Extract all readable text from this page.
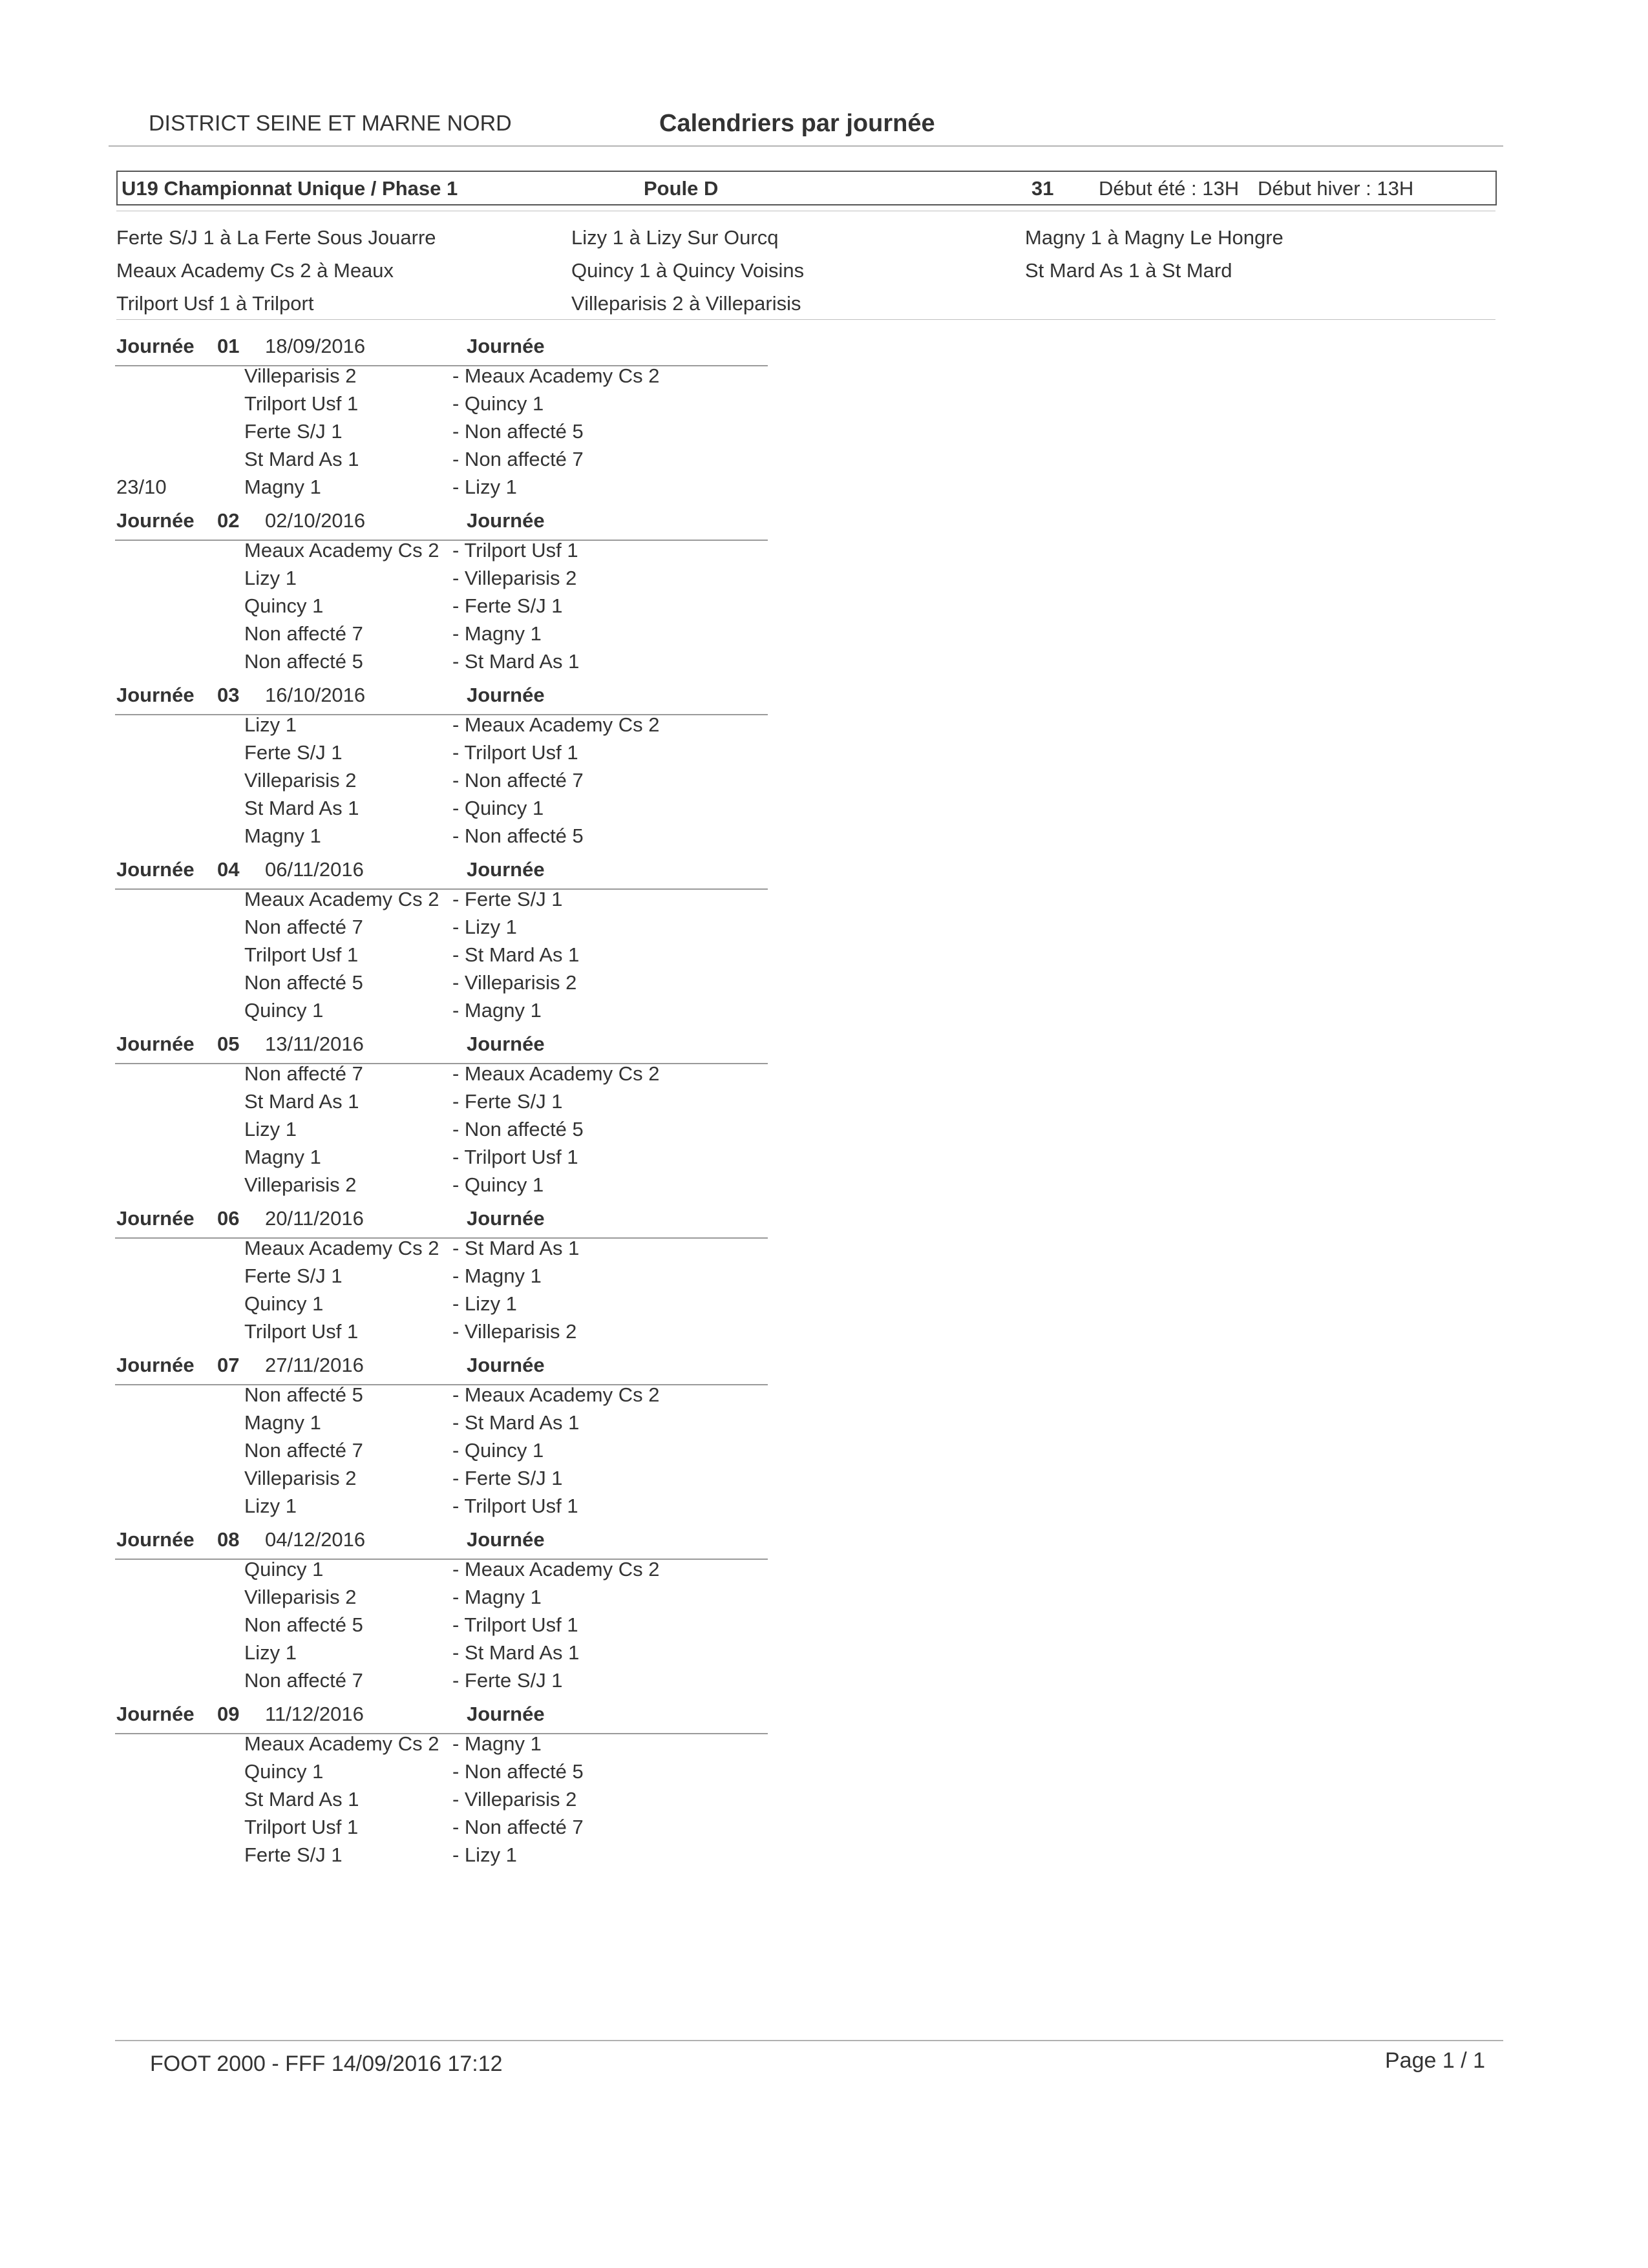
DISTRICT SEINE ET MARNE NORD	Calendriers par journée
U19 Championnat Unique / Phase 1	Poule D	31 Début été : 13H Début hiver : 13H
Ferte S/J 1 à La Ferte Sous Jouarre
Meaux Academy Cs 2 à Meaux
Trilport Usf 1 à Trilport
Lizy 1 à Lizy Sur Ourcq
Quincy 1 à Quincy Voisins
Villeparisis 2 à Villeparisis
Magny 1 à Magny Le Hongre
St Mard As 1 à St Mard
Journée 01 18/09/2016	Journée
Villeparisis 2	- Meaux Academy Cs 2
Trilport Usf 1	- Quincy 1
Ferte S/J 1	- Non affecté 5
St Mard As 1	- Non affecté 7
23/10	Magny 1	- Lizy 1
Journée 02 02/10/2016	Journée
Meaux Academy Cs 2 - Trilport Usf 1
Lizy 1	- Villeparisis 2
Quincy 1	- Ferte S/J 1
Non affecté 7	- Magny 1
Non affecté 5	- St Mard As 1
Journée 03 16/10/2016	Journée
Lizy 1	- Meaux Academy Cs 2
Ferte S/J 1	- Trilport Usf 1
Villeparisis 2	- Non affecté 7
St Mard As 1	- Quincy 1
Magny 1	- Non affecté 5
Journée 04 06/11/2016	Journée
Meaux Academy Cs 2 - Ferte S/J 1
Non affecté 7	- Lizy 1
Trilport Usf 1	- St Mard As 1
Non affecté 5	- Villeparisis 2
Quincy 1	- Magny 1
Journée 05 13/11/2016	Journée
Non affecté 7	- Meaux Academy Cs 2
St Mard As 1	- Ferte S/J 1
Lizy 1	- Non affecté 5
Magny 1	- Trilport Usf 1
Villeparisis 2	- Quincy 1
Journée 06 20/11/2016	Journée
Meaux Academy Cs 2 - St Mard As 1
Ferte S/J 1	- Magny 1
Quincy 1	- Lizy 1
Trilport Usf 1	- Villeparisis 2
Journée 07 27/11/2016	Journée
Non affecté 5	- Meaux Academy Cs 2
Magny 1	- St Mard As 1
Non affecté 7	- Quincy 1
Villeparisis 2	- Ferte S/J 1
Lizy 1	- Trilport Usf 1
Journée 08 04/12/2016	Journée
Quincy 1	- Meaux Academy Cs 2
Villeparisis 2	- Magny 1
Non affecté 5	- Trilport Usf 1
Lizy 1	- St Mard As 1
Non affecté 7	- Ferte S/J 1
Journée 09 11/12/2016	Journée
Meaux Academy Cs 2 - Magny 1
Quincy 1	- Non affecté 5
St Mard As 1	- Villeparisis 2
Trilport Usf 1	- Non affecté 7
Ferte S/J 1	- Lizy 1
FOOT 2000 - FFF 14/09/2016 17:12	Page 1 / 1
